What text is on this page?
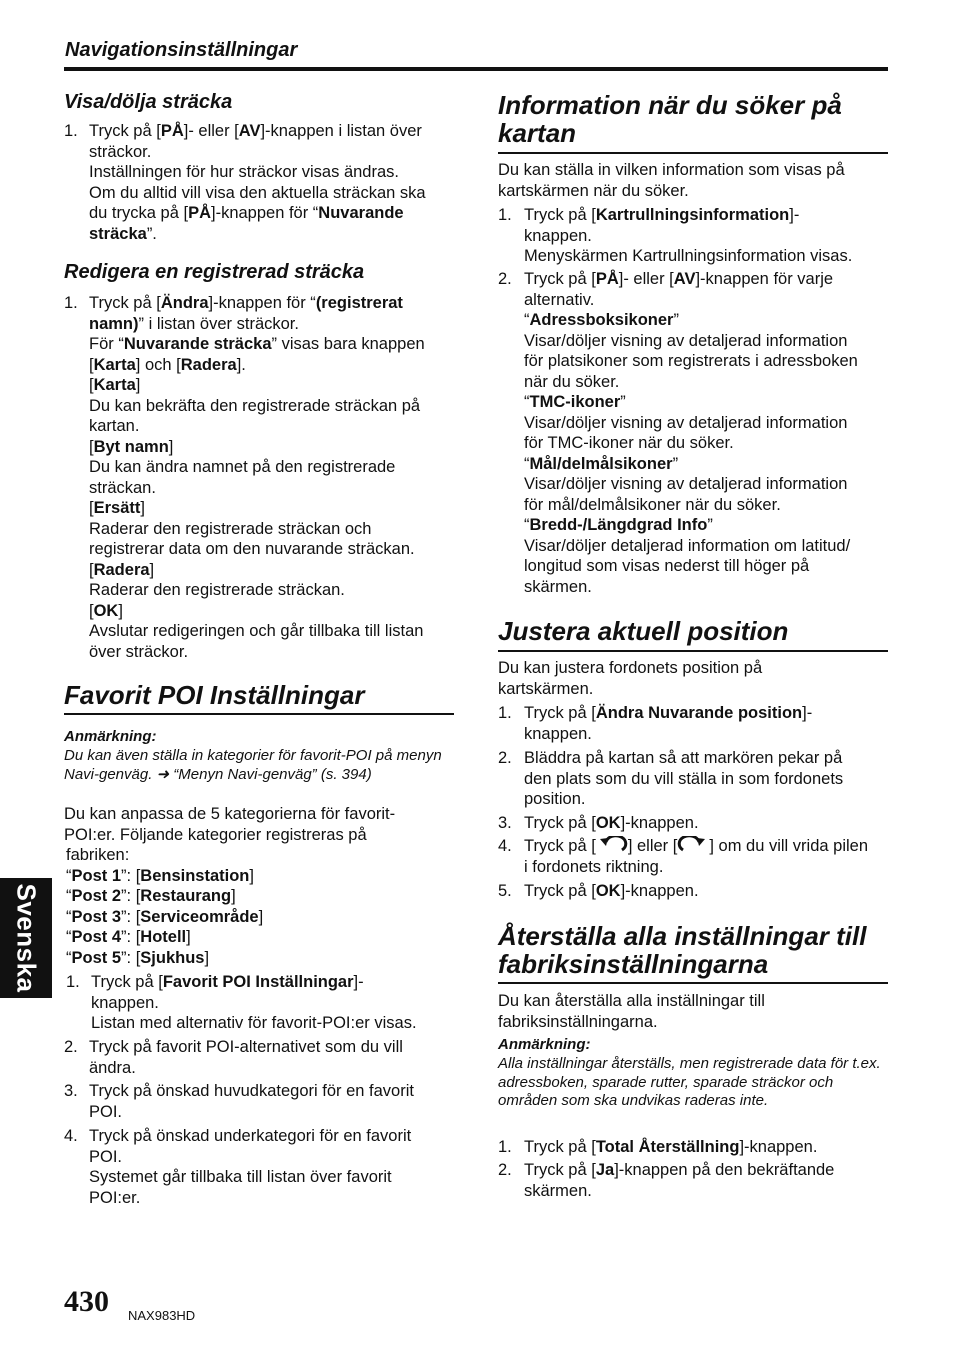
Navigationsinställningar
Svenska
Visa/dölja sträcka
1. Tryck på [PÅ]- eller [AV]-knappen i listan över
sträckor.
Inställningen för hur sträckor visas ändras.
Om du alltid vill visa den aktuella sträckan ska
du trycka på [PÅ]-knappen för “Nuvarande
sträcka”.
Redigera en registrerad sträcka
1. Tryck på [Ändra]-knappen för “(registrerat
namn)” i listan över sträckor.
För “Nuvarande sträcka” visas bara knappen
[Karta] och [Radera].
[Karta]
Du kan bekräfta den registrerade sträckan på
kartan.
[Byt namn]
Du kan ändra namnet på den registrerade
sträckan.
[Ersätt]
Raderar den registrerade sträckan och
registrerar data om den nuvarande sträckan.
[Radera]
Raderar den registrerade sträckan.
[OK]
Avslutar redigeringen och går tillbaka till listan
över sträckor.
Favorit POI Inställningar
Anmärkning:
Du kan även ställa in kategorier för favorit-POI på menyn Navi-genväg. ➜ “Menyn Navi-genväg” (s. 394)
Du kan anpassa de 5 kategorierna för favorit-
POI:er. Följande kategorier registreras på
fabriken:
“Post 1”: [Bensinstation]
“Post 2”: [Restaurang]
“Post 3”: [Serviceområde]
“Post 4”: [Hotell]
“Post 5”: [Sjukhus]
1. Tryck på [Favorit POI Inställningar]-
knappen.
Listan med alternativ för favorit-POI:er visas.
2. Tryck på favorit POI-alternativet som du vill
ändra.
3. Tryck på önskad huvudkategori för en favorit
POI.
4. Tryck på önskad underkategori för en favorit
POI.
Systemet går tillbaka till listan över favorit
POI:er.
Information när du söker på kartan
Du kan ställa in vilken information som visas på
kartskärmen när du söker.
1. Tryck på [Kartrullningsinformation]-
knappen.
Menyskärmen Kartrullningsinformation visas.
2. Tryck på [PÅ]- eller [AV]-knappen för varje
alternativ.
“Adressboksikoner”
Visar/döljer visning av detaljerad information
för platsikoner som registrerats i adressboken
när du söker.
“TMC-ikoner”
Visar/döljer visning av detaljerad information
för TMC-ikoner när du söker.
“Mål/delmålsikoner”
Visar/döljer visning av detaljerad information
för mål/delmålsikoner när du söker.
“Bredd-/Längdgrad Info”
Visar/döljer detaljerad information om latitud/
longitud som visas nederst till höger på
skärmen.
Justera aktuell position
Du kan justera fordonets position på
kartskärmen.
1. Tryck på [Ändra Nuvarande position]-
knappen.
2. Bläddra på kartan så att markören pekar på
den plats som du vill ställa in som fordonets
position.
3. Tryck på [OK]-knappen.
4. Tryck på [ ] eller [ ] om du vill vrida pilen
i fordonets riktning.
5. Tryck på [OK]-knappen.
Återställa alla inställningar till fabriksinställningarna
Du kan återställa alla inställningar till
fabriksinställningarna.
Anmärkning:
Alla inställningar återställs, men registrerade data för t.ex. adressboken, sparade rutter, sparade sträckor och områden som ska undvikas raderas inte.
1. Tryck på [Total Återställning]-knappen.
2. Tryck på [Ja]-knappen på den bekräftande
skärmen.
430 NAX983HD
